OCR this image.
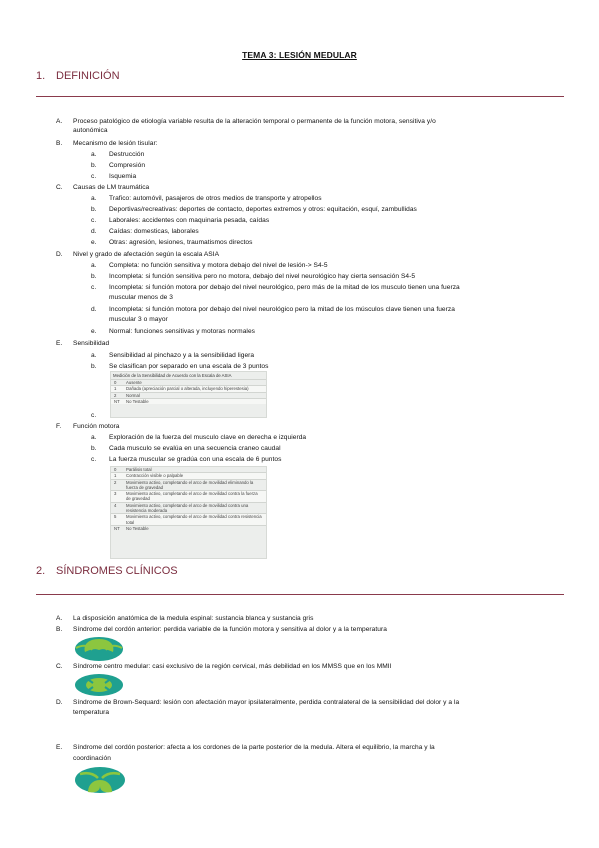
TEMA 3: LESIÓN MEDULAR
1. DEFINICIÓN
A. Proceso patológico de etiología variable resulta de la alteración temporal o permanente de la función motora, sensitiva y/o
autonómica
B. Mecanismo de lesión tisular:
a. Destrucción
b. Compresión
c. Isquemia
C. Causas de LM traumática
a. Trafico: automóvil, pasajeros de otros medios de transporte y atropellos
b. Deportivas/recreativas: deportes de contacto, deportes extremos y otros: equitación, esquí, zambullidas
c. Laborales: accidentes con maquinaria pesada, caídas
d. Caídas: domesticas, laborales
e. Otras: agresión, lesiones, traumatismos directos
D. Nivel y grado de afectación según la escala ASIA
a. Completa: no función sensitiva y motora debajo del nivel de lesión-> S4-5
b. Incompleta: si función sensitiva pero no motora, debajo del nivel neurológico hay cierta sensación S4-5
c. Incompleta: si función motora por debajo del nivel neurológico, pero más de la mitad de los musculo tienen una fuerza
muscular menos de 3
d. Incompleta: si función motora por debajo del nivel neurológico pero la mitad de los músculos clave tienen una fuerza
muscular 3 o mayor
e. Normal: funciones sensitivas y motoras normales
E. Sensibilidad
a. Sensibilidad al pinchazo y a la sensibilidad ligera
b. Se clasifican por separado en una escala de 3 puntos
Medición de la Sensibilidad de Acuerdo con la Escala de ASIA
0	Ausente
1	Dañada (apreciación parcial o alterada, incluyendo hiperestesia)
2	Normal
NT	No Testable
c.
F. Función motora
a. Exploración de la fuerza del musculo clave en derecha e izquierda
b. Cada musculo se evalúa en una secuencia craneo caudal
c. La fuerza muscular se gradúa con una escala de 6 puntos
0	Parálisis total
1	Contracción visible o palpable
2	Movimiento activo, completando el arco de movilidad eliminando la fuerza de gravedad
3	Movimiento activo, completando el arco de movilidad contra la fuerza de gravedad
4	Movimiento activo, completando el arco de movilidad contra una resistencia moderada
5	Movimiento activo, completando el arco de movilidad contra resistencia total
NT	No Testable
2. SÍNDROMES CLÍNICOS
A. La disposición anatómica de la medula espinal: sustancia blanca y sustancia gris
B. Síndrome del cordón anterior: perdida variable de la función motora y sensitiva al dolor y a la temperatura
C. Síndrome centro medular: casi exclusivo de la región cervical, más debilidad en los MMSS que en los MMII
D. Síndrome de Brown-Sequard: lesión con afectación mayor ipsilateralmente, perdida contralateral de la sensibilidad del dolor y a la
temperatura
E. Síndrome del cordón posterior: afecta a los cordones de la parte posterior de la medula. Altera el equilibrio, la marcha y la
coordinación
